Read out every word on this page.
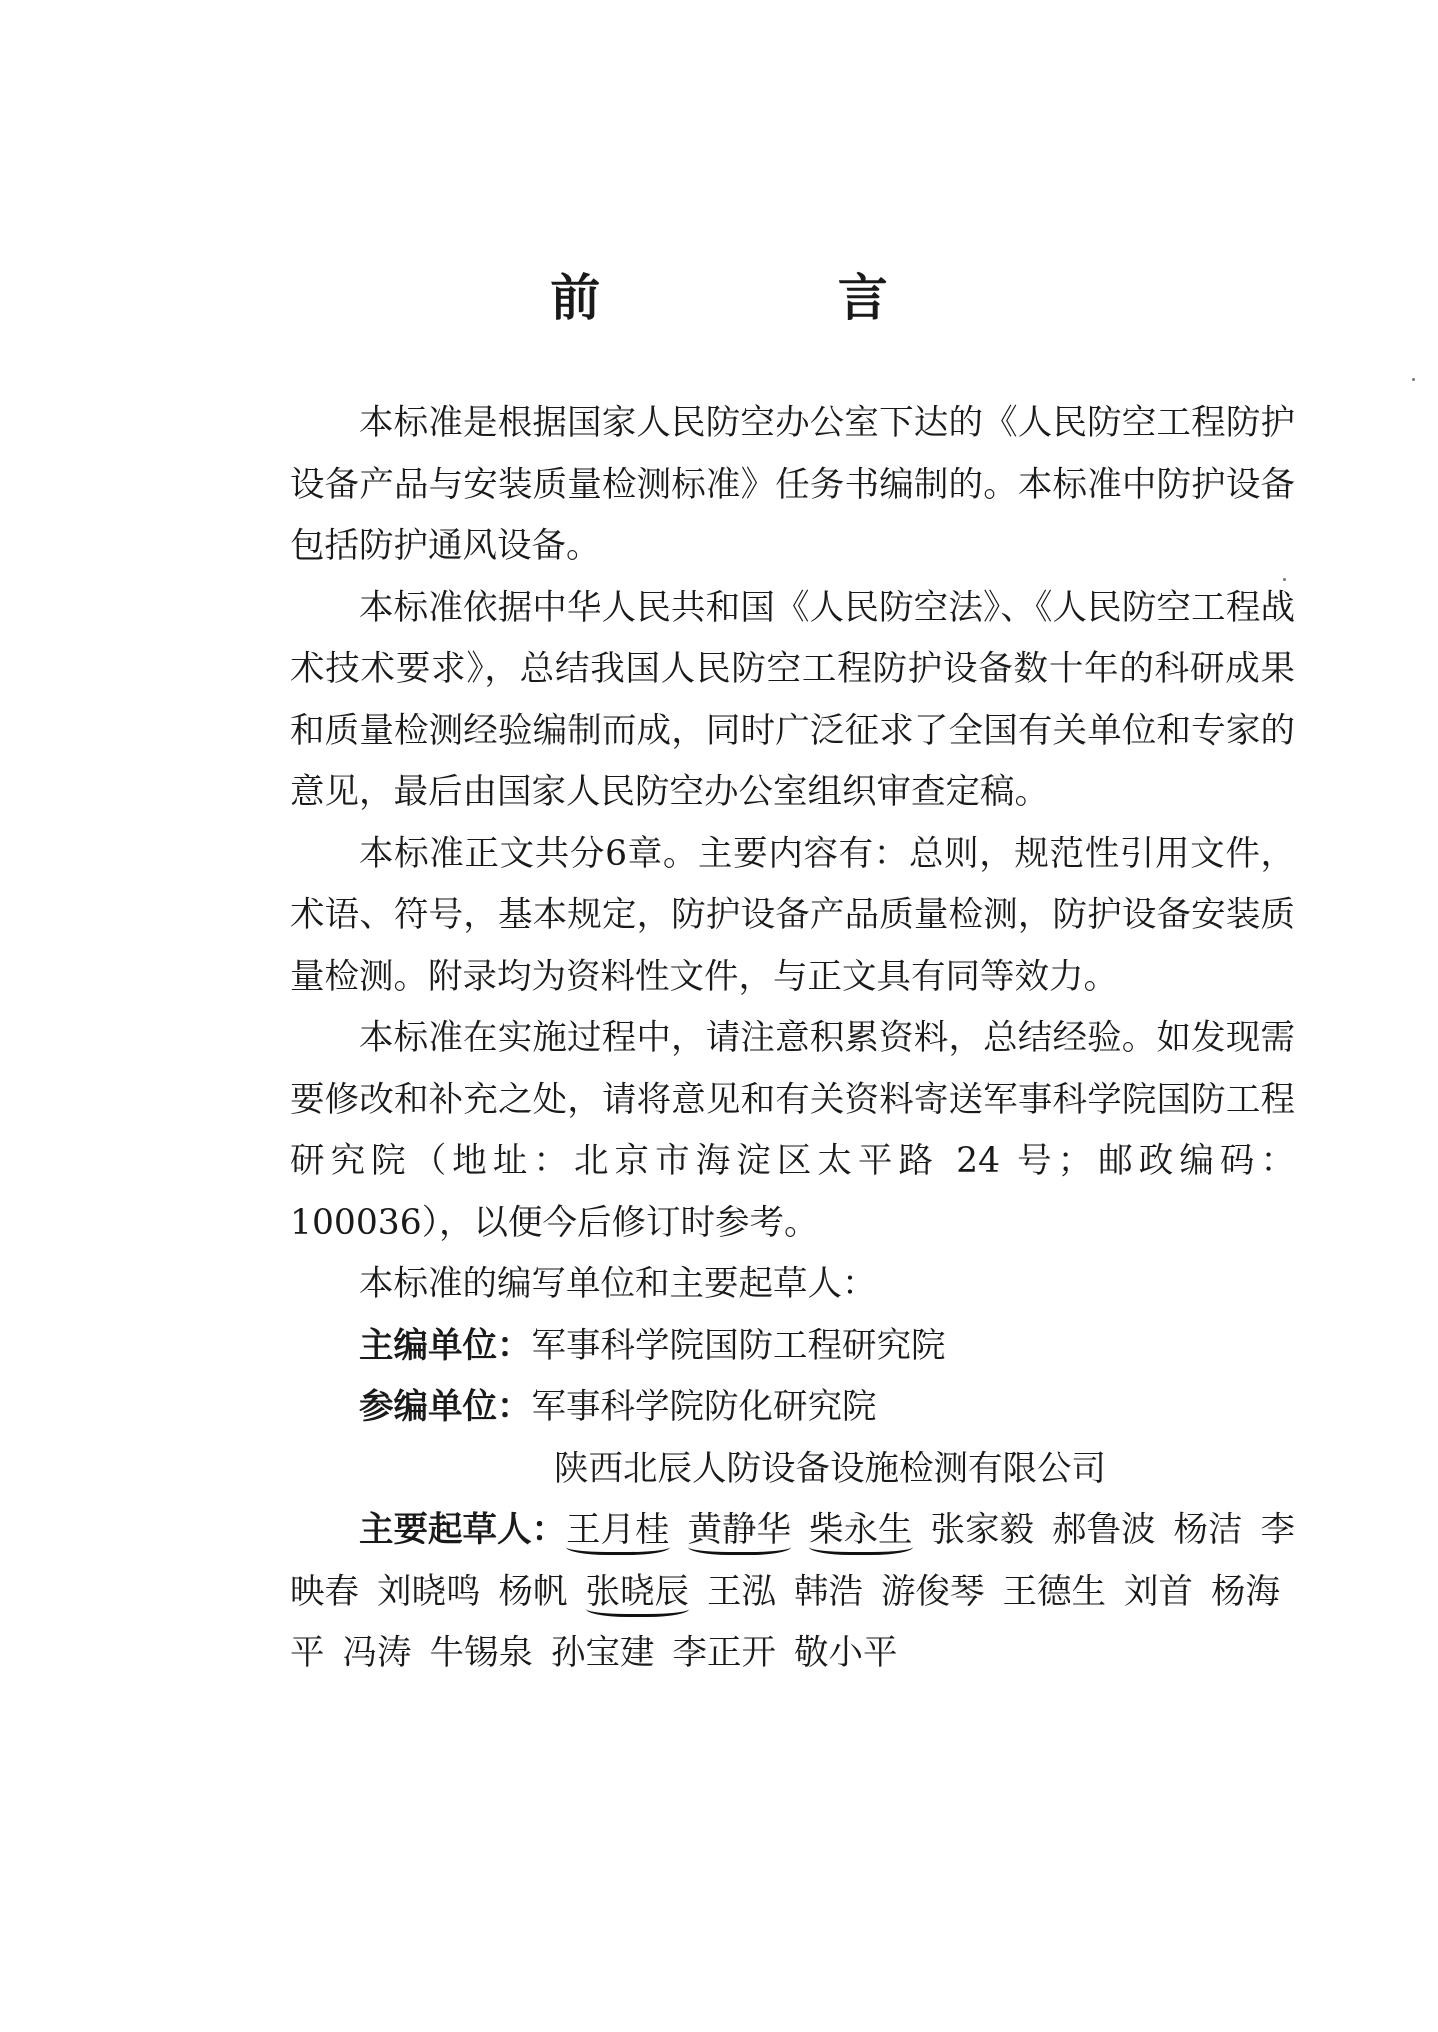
前 言

本标准是根据国家人民防空办公室下达的《人民防空工程防护设备产品与安装质量检测标准》任务书编制的。本标准中防护设备包括防护通风设备。

本标准依据中华人民共和国《人民防空法》、《人民防空工程战术技术要求》，总结我国人民防空工程防护设备数十年的科研成果和质量检测经验编制而成，同时广泛征求了全国有关单位和专家的意见，最后由国家人民防空办公室组织审查定稿。

本标准正文共分6章。主要内容有：总则，规范性引用文件，术语、符号，基本规定，防护设备产品质量检测，防护设备安装质量检测。附录均为资料性文件，与正文具有同等效力。

本标准在实施过程中，请注意积累资料，总结经验。如发现需要修改和补充之处，请将意见和有关资料寄送军事科学院国防工程研究院（地址：北京市海淀区太平路 24 号；邮政编码：100036），以便今后修订时参考。

本标准的编写单位和主要起草人：

主编单位：军事科学院国防工程研究院

参编单位：军事科学院防化研究院

陕西北辰人防设备设施检测有限公司

主要起草人：王月桂 黄静华 柴永生 张家毅 郝鲁波 杨洁 李映春 刘晓鸣 杨帆 张晓辰 王泓 韩浩 游俊琴 王德生 刘首 杨海平 冯涛 牛锡泉 孙宝建 李正开 敬小平
